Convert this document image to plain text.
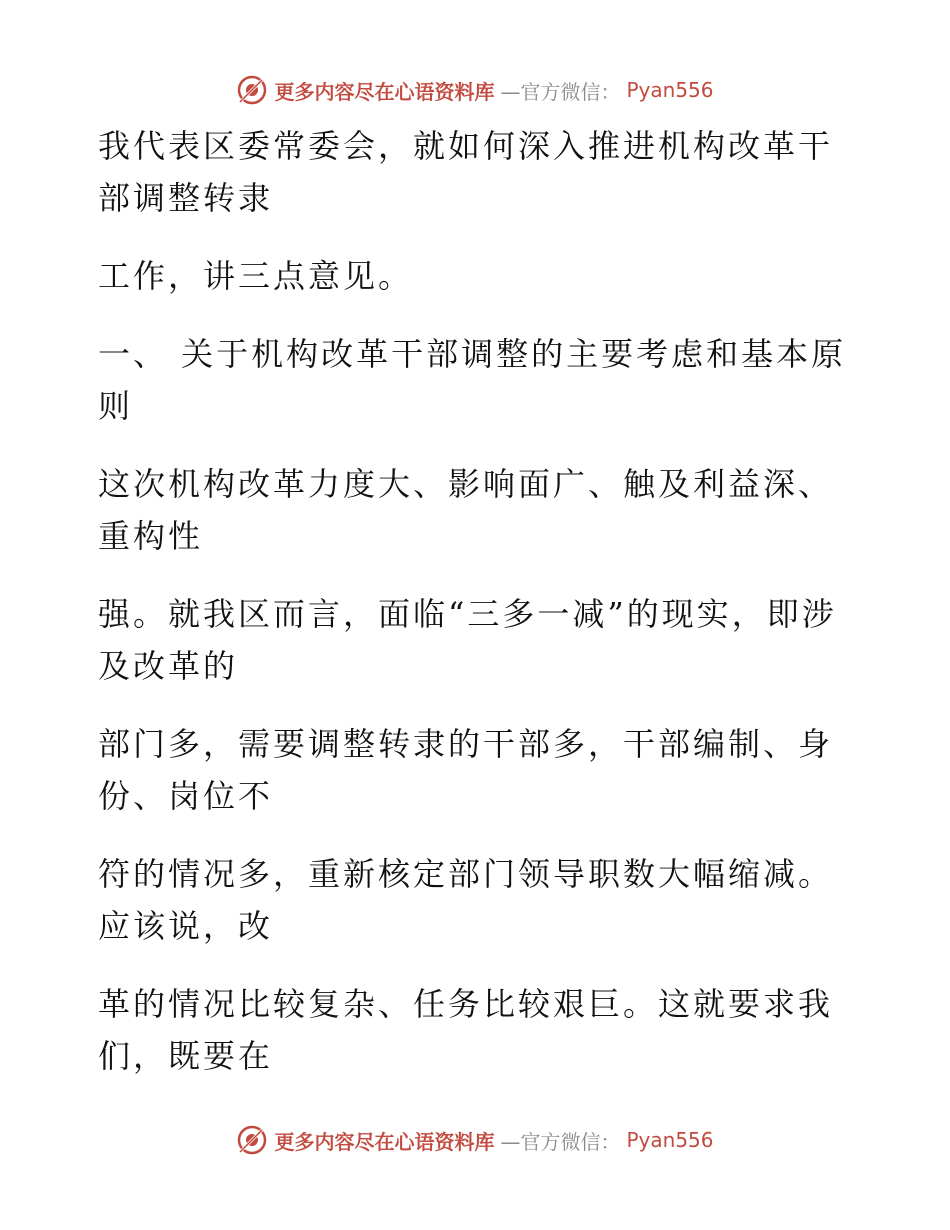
更多内容尽在心语资料库 —官方微信： Pyan556

我代表区委常委会，就如何深入推进机构改革干部调整转隶

工作，讲三点意见。

一、 关于机构改革干部调整的主要考虑和基本原则

这次机构改革力度大、影响面广、触及利益深、重构性

强。就我区而言，面临“三多一减”的现实，即涉及改革的

部门多，需要调整转隶的干部多，干部编制、身份、岗位不

符的情况多，重新核定部门领导职数大幅缩减。应该说，改

革的情况比较复杂、任务比较艰巨。这就要求我们，既要在

更多内容尽在心语资料库 —官方微信： Pyan556
